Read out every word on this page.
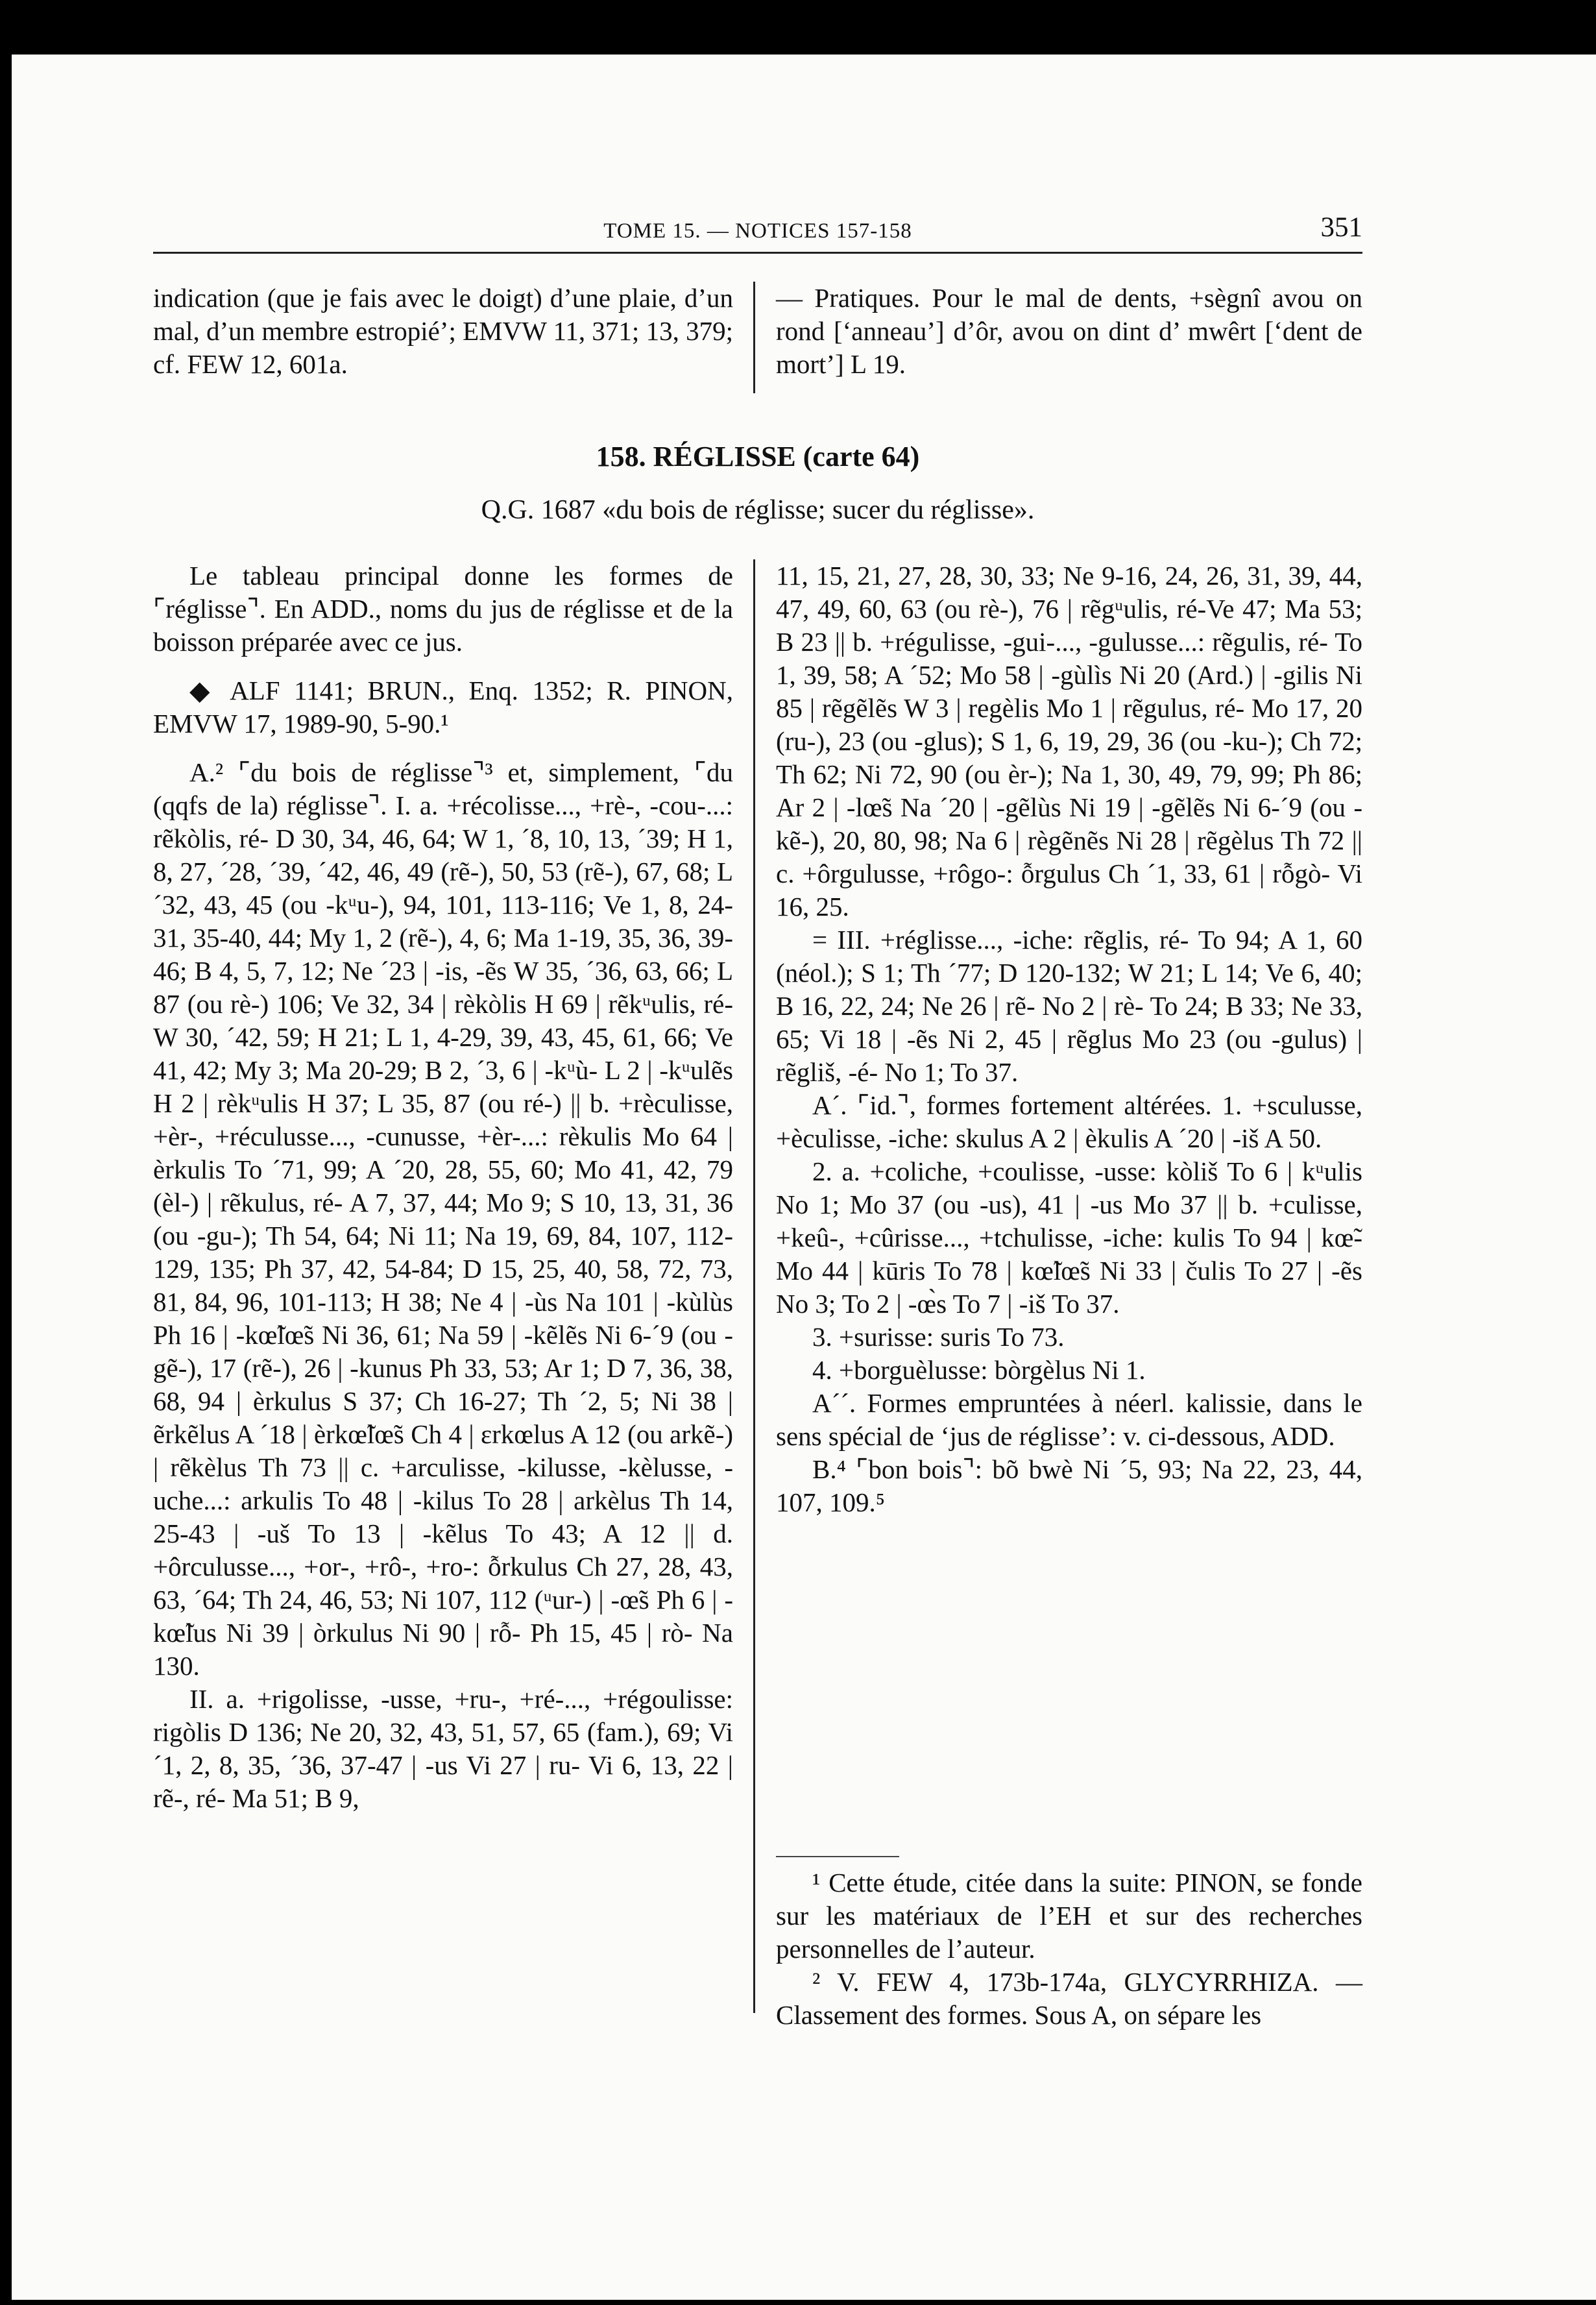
TOME 15. — NOTICES 157-158	351

indication (que je fais avec le doigt) d’une plaie, d’un mal, d’un membre estropié’; EMVW 11, 371; 13, 379; cf. FEW 12, 601a.

— Pratiques. Pour le mal de dents, +sègnî avou on rond [‘anneau’] d’ôr, avou on dint d’ mwêrt [‘dent de mort’] L 19.

158. RÉGLISSE (carte 64)
Q.G. 1687 «du bois de réglisse; sucer du réglisse».

Le tableau principal donne les formes de ⌜réglisse⌝. En ADD., noms du jus de réglisse et de la boisson préparée avec ce jus.

◆ ALF 1141; BRUN., Enq. 1352; R. PINON, EMVW 17, 1989-90, 5-90.¹

A.² ⌜du bois de réglisse⌝³ et, simplement, ⌜du (qqfs de la) réglisse⌝. I. a. +récolisse..., +rè-, -cou-...: rẽkòlis, ré- D 30, 34, 46, 64; W 1, ´8, 10, 13, ´39; H 1, 8, 27, ´28, ´39, ´42, 46, 49 (rẽ-), 50, 53 (rẽ-), 67, 68; L ´32, 43, 45 (ou -kᵘu-), 94, 101, 113-116; Ve 1, 8, 24-31, 35-40, 44; My 1, 2 (rẽ-), 4, 6; Ma 1-19, 35, 36, 39-46; B 4, 5, 7, 12; Ne ´23 | -is, -ẽs W 35, ´36, 63, 66; L 87 (ou rè-) 106; Ve 32, 34 | rèkòlis H 69 | rẽkᵘulis, ré- W 30, ´42, 59; H 21; L 1, 4-29, 39, 43, 45, 61, 66; Ve 41, 42; My 3; Ma 20-29; B 2, ´3, 6 | -kᵘù- L 2 | -kᵘulẽs H 2 | rèkᵘulis H 37; L 35, 87 (ou ré-) || b. +rèculisse, +èr-, +réculusse..., -cunusse, +èr-...: rèkulis Mo 64 | èrkulis To ´71, 99; A ´20, 28, 55, 60; Mo 41, 42, 79 (èl-) | rẽkulus, ré- A 7, 37, 44; Mo 9; S 10, 13, 31, 36 (ou -gu-); Th 54, 64; Ni 11; Na 19, 69, 84, 107, 112-129, 135; Ph 37, 42, 54-84; D 15, 25, 40, 58, 72, 73, 81, 84, 96, 101-113; H 38; Ne 4 | -ùs Na 101 | -kùlùs Ph 16 | -kœ̃lœ̃s Ni 36, 61; Na 59 | -kẽlẽs Ni 6-´9 (ou -gẽ-), 17 (rẽ-), 26 | -kunus Ph 33, 53; Ar 1; D 7, 36, 38, 68, 94 | èrkulus S 37; Ch 16-27; Th ´2, 5; Ni 38 | ẽrkẽlus A ´18 | èrkœ̃lœ̃s Ch 4 | ɛrkœlus A 12 (ou arkẽ-) | rẽkèlus Th 73 || c. +arculisse, -kilusse, -kèlusse, -uche...: arkulis To 48 | -kilus To 28 | arkèlus Th 14, 25-43 | -uš To 13 | -kẽlus To 43; A 12 || d. +ôrculusse..., +or-, +rô-, +ro-: ỗrkulus Ch 27, 28, 43, 63, ´64; Th 24, 46, 53; Ni 107, 112 (ᵘur-) | -œ̃s Ph 6 | -kœ̃lus Ni 39 | òrkulus Ni 90 | rỗ- Ph 15, 45 | rò- Na 130.

II. a. +rigolisse, -usse, +ru-, +ré-..., +régoulisse: rigòlis D 136; Ne 20, 32, 43, 51, 57, 65 (fam.), 69; Vi ´1, 2, 8, 35, ´36, 37-47 | -us Vi 27 | ru- Vi 6, 13, 22 | rẽ-, ré- Ma 51; B 9,

11, 15, 21, 27, 28, 30, 33; Ne 9-16, 24, 26, 31, 39, 44, 47, 49, 60, 63 (ou rè-), 76 | rẽgᵘulis, ré-Ve 47; Ma 53; B 23 || b. +régulisse, -gui-..., -gulusse...: rẽgulis, ré- To 1, 39, 58; A ´52; Mo 58 | -gùlìs Ni 20 (Ard.) | -gilis Ni 85 | rẽgẽlẽs W 3 | regèlis Mo 1 | rẽgulus, ré- Mo 17, 20 (ru-), 23 (ou -glus); S 1, 6, 19, 29, 36 (ou -ku-); Ch 72; Th 62; Ni 72, 90 (ou èr-); Na 1, 30, 49, 79, 99; Ph 86; Ar 2 | -lœ̃s Na ´20 | -gẽlùs Ni 19 | -gẽlẽs Ni 6-´9 (ou -kẽ-), 20, 80, 98; Na 6 | règẽnẽs Ni 28 | rẽgèlus Th 72 || c. +ôrgulusse, +rôgo-: ỗrgulus Ch ´1, 33, 61 | rỗgò- Vi 16, 25.

= III. +réglisse..., -iche: rẽglis, ré- To 94; A 1, 60 (néol.); S 1; Th ´77; D 120-132; W 21; L 14; Ve 6, 40; B 16, 22, 24; Ne 26 | rẽ- No 2 | rè- To 24; B 33; Ne 33, 65; Vi 18 | -ẽs Ni 2, 45 | rẽglus Mo 23 (ou -gulus) | rẽgliš, -é- No 1; To 37.

A´. ⌜id.⌝, formes fortement altérées. 1. +sculusse, +èculisse, -iche: skulus A 2 | èkulis A ´20 | -iš A 50.

2. a. +coliche, +coulisse, -usse: kòliš To 6 | kᵘulis No 1; Mo 37 (ou -us), 41 | -us Mo 37 || b. +culisse, +keû-, +cûrisse..., +tchulisse, -iche: kulis To 94 | kœ̃- Mo 44 | kūris To 78 | kœ̃lœ̃s Ni 33 | čulis To 27 | -ẽs No 3; To 2 | -œ̀s To 7 | -iš To 37.

3. +surisse: suris To 73.

4. +borguèlusse: bòrgèlus Ni 1.

A´´. Formes empruntées à néerl. kalissie, dans le sens spécial de ‘jus de réglisse’: v. ci-dessous, ADD.

B.⁴ ⌜bon bois⌝: bõ bwè Ni ´5, 93; Na 22, 23, 44, 107, 109.⁵

¹ Cette étude, citée dans la suite: PINON, se fonde sur les matériaux de l’EH et sur des recherches personnelles de l’auteur.

² V. FEW 4, 173b-174a, GLYCYRRHIZA. — Classement des formes. Sous A, on sépare les
